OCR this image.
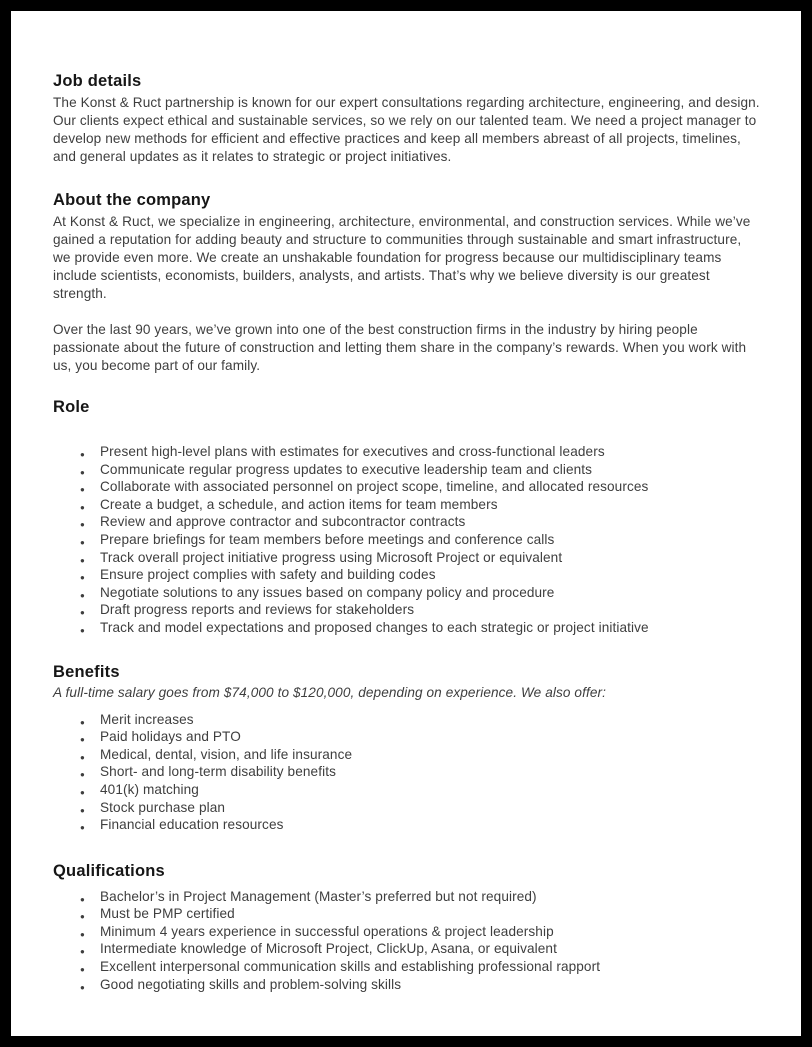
Job details

The Konst & Ruct partnership is known for our expert consultations regarding architecture, engineering, and design. Our clients expect ethical and sustainable services, so we rely on our talented team. We need a project manager to develop new methods for efficient and effective practices and keep all members abreast of all projects, timelines, and general updates as it relates to strategic or project initiatives.

About the company

At Konst & Ruct, we specialize in engineering, architecture, environmental, and construction services. While we’ve gained a reputation for adding beauty and structure to communities through sustainable and smart infrastructure, we provide even more. We create an unshakable foundation for progress because our multidisciplinary teams include scientists, economists, builders, analysts, and artists. That’s why we believe diversity is our greatest strength.

Over the last 90 years, we’ve grown into one of the best construction firms in the industry by hiring people passionate about the future of construction and letting them share in the company’s rewards. When you work with us, you become part of our family.

Role
● Present high-level plans with estimates for executives and cross-functional leaders
● Communicate regular progress updates to executive leadership team and clients
● Collaborate with associated personnel on project scope, timeline, and allocated resources
● Create a budget, a schedule, and action items for team members
● Review and approve contractor and subcontractor contracts
● Prepare briefings for team members before meetings and conference calls
● Track overall project initiative progress using Microsoft Project or equivalent
● Ensure project complies with safety and building codes
● Negotiate solutions to any issues based on company policy and procedure
● Draft progress reports and reviews for stakeholders
● Track and model expectations and proposed changes to each strategic or project initiative
Benefits

A full-time salary goes from $74,000 to $120,000, depending on experience. We also offer:

● Merit increases
● Paid holidays and PTO
● Medical, dental, vision, and life insurance
● Short- and long-term disability benefits
● 401(k) matching
● Stock purchase plan
● Financial education resources
Qualifications
● Bachelor’s in Project Management (Master’s preferred but not required)
● Must be PMP certified
● Minimum 4 years experience in successful operations & project leadership
● Intermediate knowledge of Microsoft Project, ClickUp, Asana, or equivalent
● Excellent interpersonal communication skills and establishing professional rapport
● Good negotiating skills and problem-solving skills
